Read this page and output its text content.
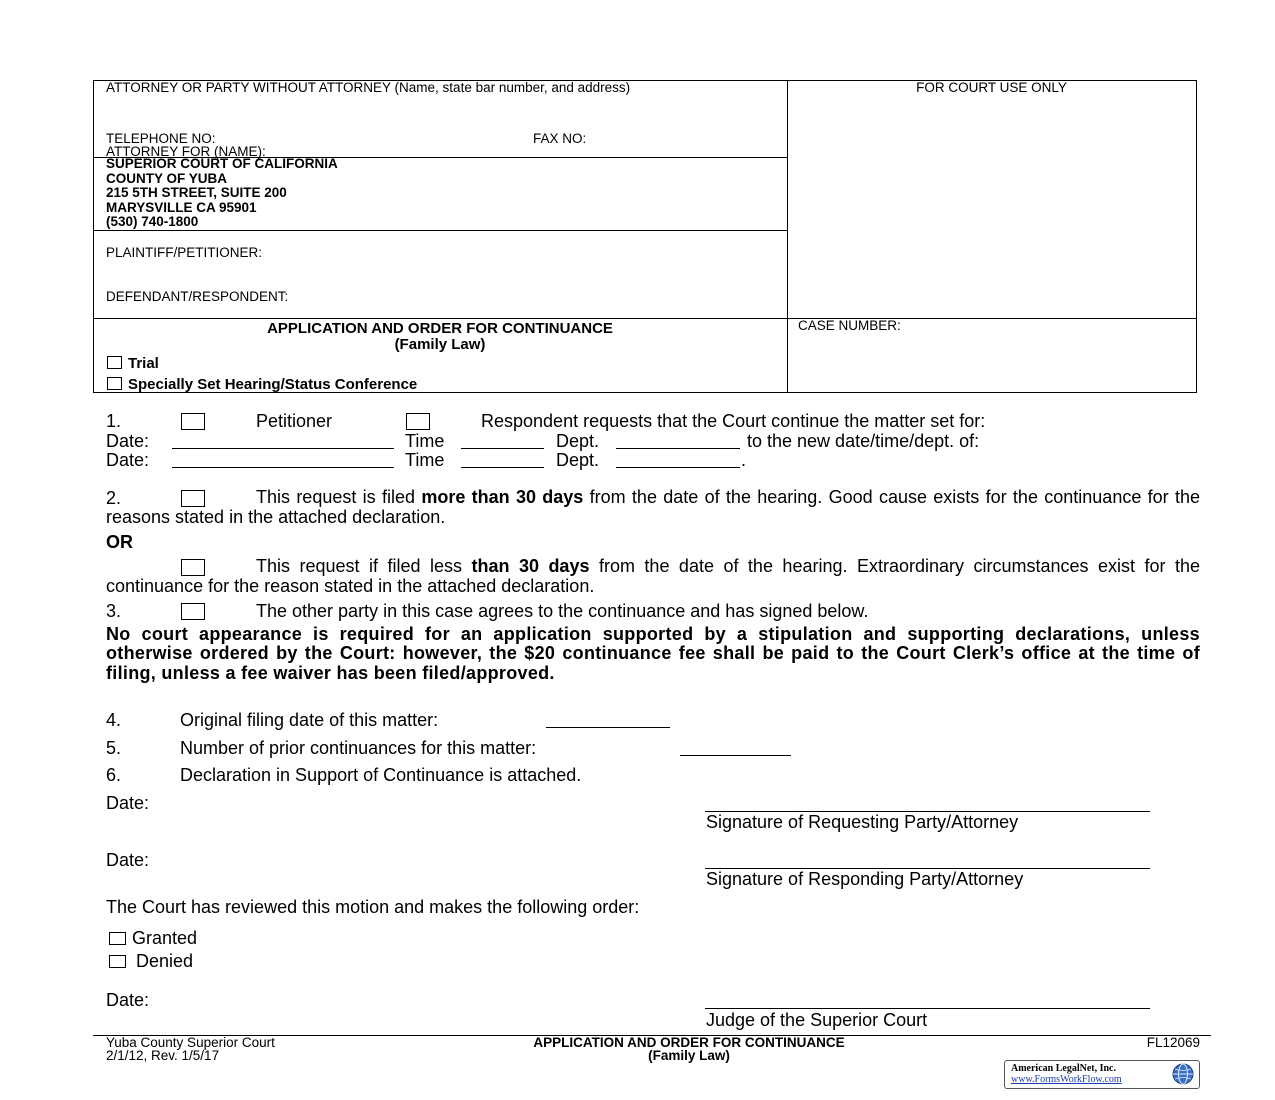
ATTORNEY OR PARTY WITHOUT ATTORNEY (Name, state bar number, and address)	FOR COURT USE ONLY
TELEPHONE NO:	FAX NO:
ATTORNEY FOR (NAME):
SUPERIOR COURT OF CALIFORNIA
COUNTY OF YUBA
215 5TH STREET, SUITE 200
MARYSVILLE CA 95901
(530) 740-1800
PLAINTIFF/PETITIONER:
DEFENDANT/RESPONDENT:
APPLICATION AND ORDER FOR CONTINUANCE
(Family Law)
Trial
Specially Set Hearing/Status Conference
CASE NUMBER:
1.	Petitioner	Respondent requests that the Court continue the matter set for:
Date:	Time	Dept.	to the new date/time/dept. of:
Date:	Time	Dept.	.
2.	This request is filed more than 30 days from the date of the hearing. Good cause exists for the continuance for the reasons stated in the attached declaration.
OR
This request if filed less than 30 days from the date of the hearing. Extraordinary circumstances exist for the continuance for the reason stated in the attached declaration.
3.	The other party in this case agrees to the continuance and has signed below.
No court appearance is required for an application supported by a stipulation and supporting declarations, unless otherwise ordered by the Court: however, the $20 continuance fee shall be paid to the Court Clerk’s office at the time of filing, unless a fee waiver has been filed/approved.
4.	Original filing date of this matter:
5.	Number of prior continuances for this matter:
6.	Declaration in Support of Continuance is attached.
Date:
Signature of Requesting Party/Attorney
Date:
Signature of Responding Party/Attorney
The Court has reviewed this motion and makes the following order:
Granted
Denied
Date:
Judge of the Superior Court
Yuba County Superior Court
2/1/12, Rev. 1/5/17
APPLICATION AND ORDER FOR CONTINUANCE
(Family Law)
FL12069
American LegalNet, Inc.
www.FormsWorkFlow.com
